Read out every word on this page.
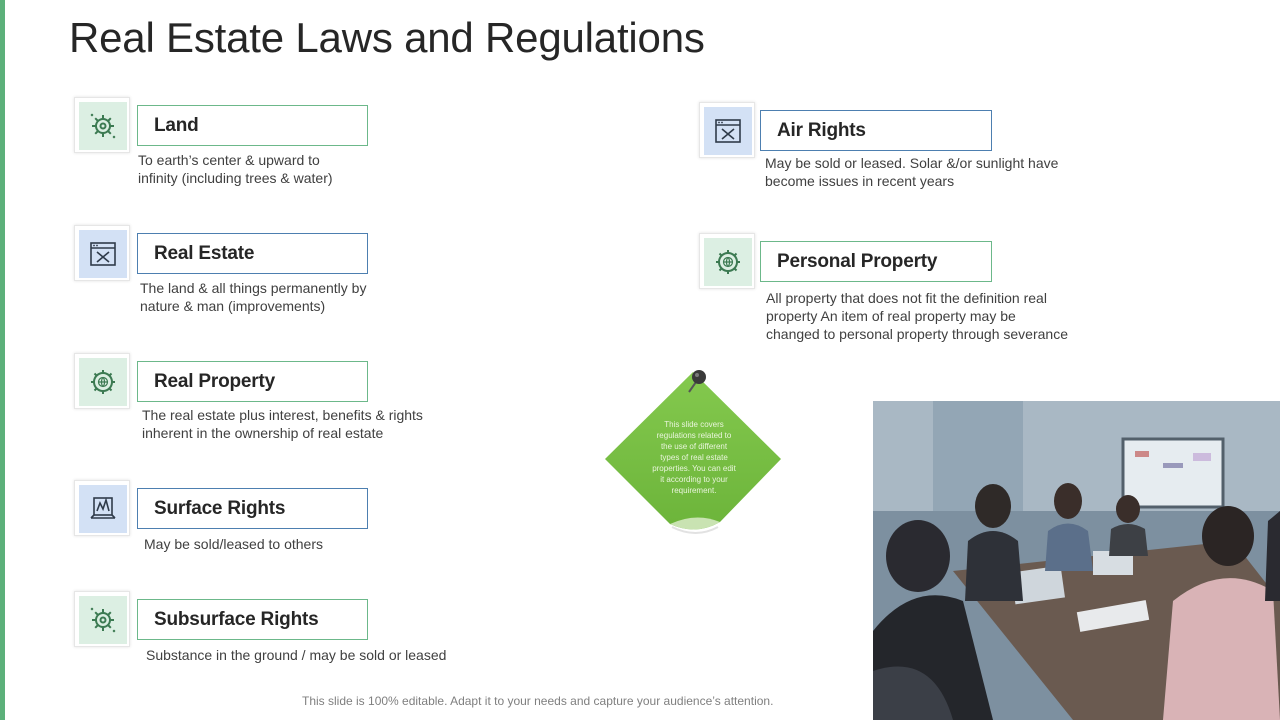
Real Estate Laws and Regulations
Land
To earth’s center & upward to
infinity (including trees & water)
Real Estate
The land & all things permanently by
nature & man (improvements)
Real Property
The real estate plus interest, benefits & rights
inherent in the ownership of real estate
Surface Rights
May be sold/leased to others
Subsurface Rights
Substance in the ground / may be sold or leased
Air Rights
May be sold or leased. Solar &/or sunlight have
become issues in recent years
Personal Property
All property that does not fit the definition real
property An item of real property may be
changed to personal property through severance
This slide covers
regulations related to
the use of different
types of real estate
properties. You can edit
it according to your
requirement.
This slide is 100% editable. Adapt it to your needs and capture your audience’s attention.
